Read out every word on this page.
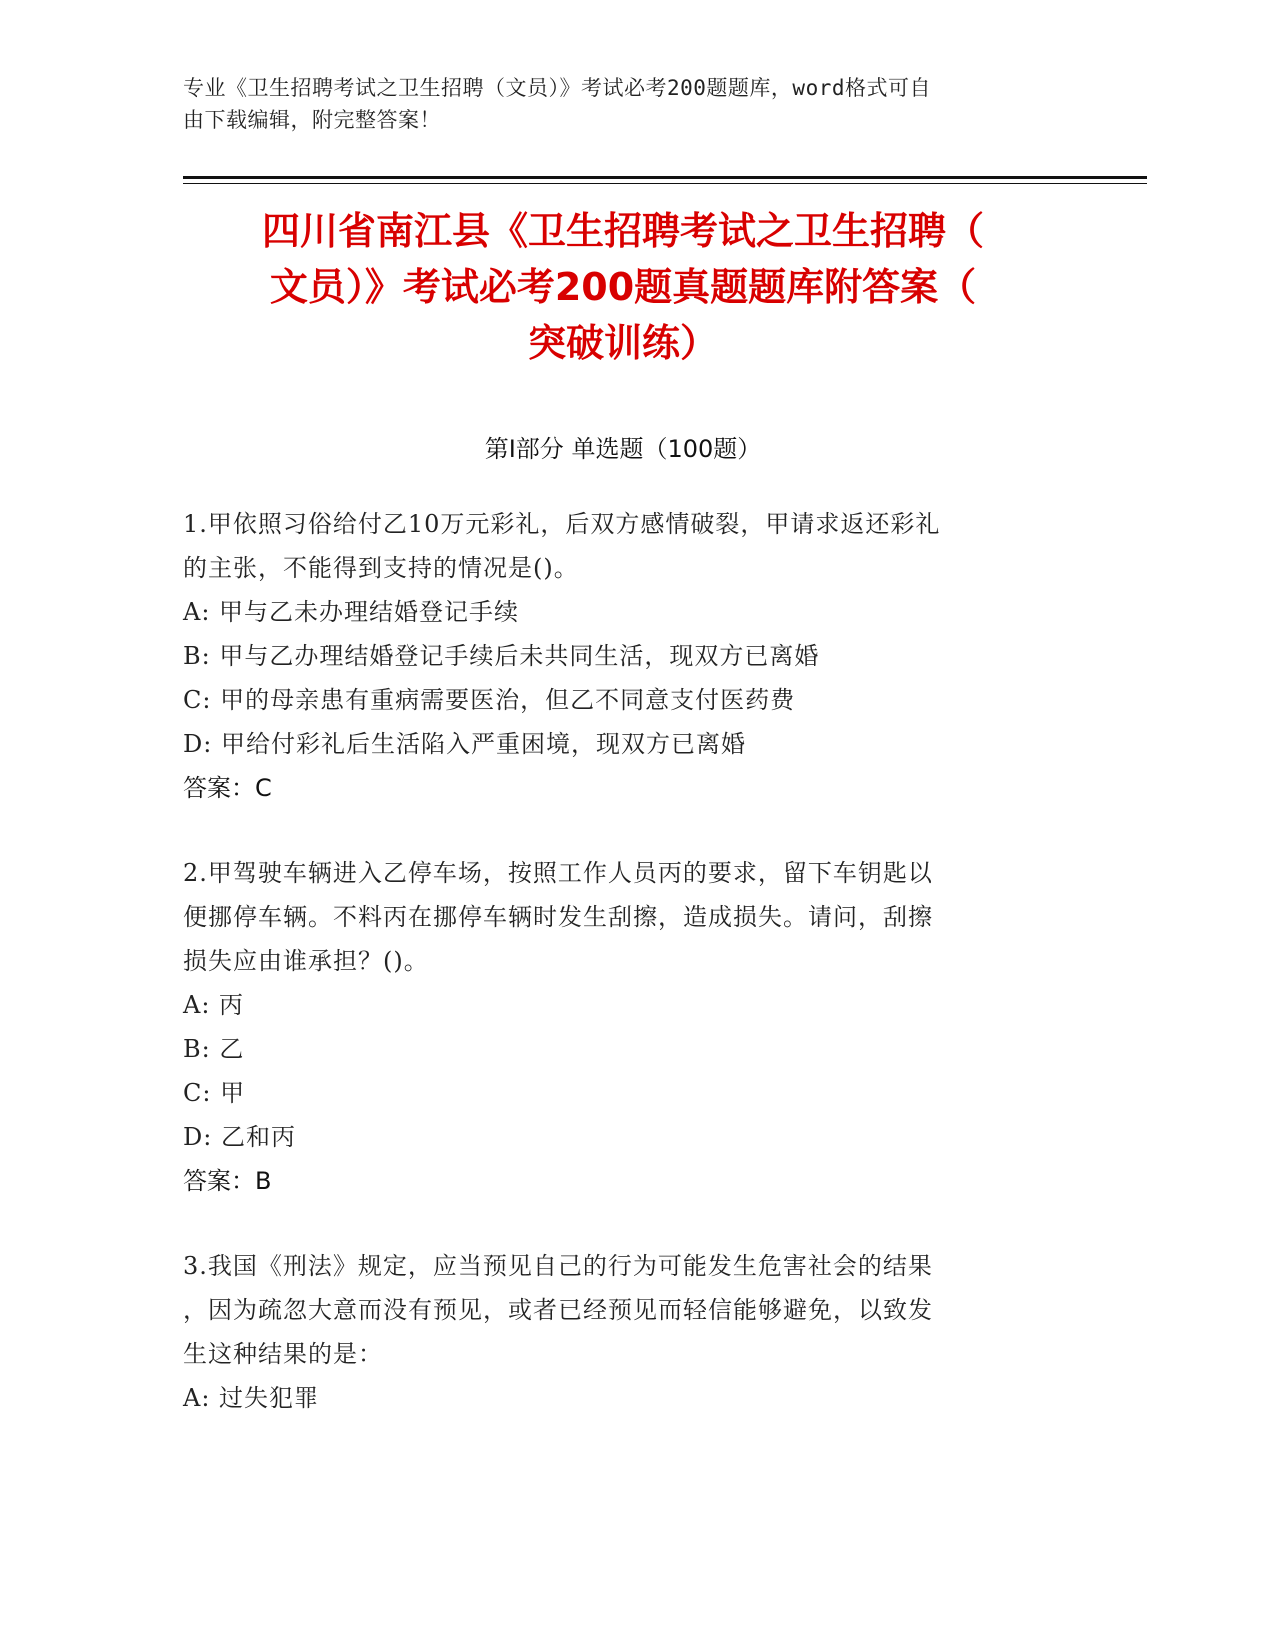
专业《卫生招聘考试之卫生招聘（文员）》考试必考200题题库，word格式可自
由下载编辑，附完整答案！
四川省南江县《卫生招聘考试之卫生招聘（
文员）》考试必考200题真题题库附答案（
突破训练）
第Ⅰ部分 单选题（100题）
1.甲依照习俗给付乙10万元彩礼，后双方感情破裂，甲请求返还彩礼
的主张，不能得到支持的情况是()。
A: 甲与乙未办理结婚登记手续
B: 甲与乙办理结婚登记手续后未共同生活，现双方已离婚
C: 甲的母亲患有重病需要医治，但乙不同意支付医药费
D: 甲给付彩礼后生活陷入严重困境，现双方已离婚
答案：C
2.甲驾驶车辆进入乙停车场，按照工作人员丙的要求，留下车钥匙以
便挪停车辆。不料丙在挪停车辆时发生刮擦，造成损失。请问，刮擦
损失应由谁承担？()。
A: 丙
B: 乙
C: 甲
D: 乙和丙
答案：B
3.我国《刑法》规定，应当预见自己的行为可能发生危害社会的结果
，因为疏忽大意而没有预见，或者已经预见而轻信能够避免，以致发
生这种结果的是：
A: 过失犯罪
